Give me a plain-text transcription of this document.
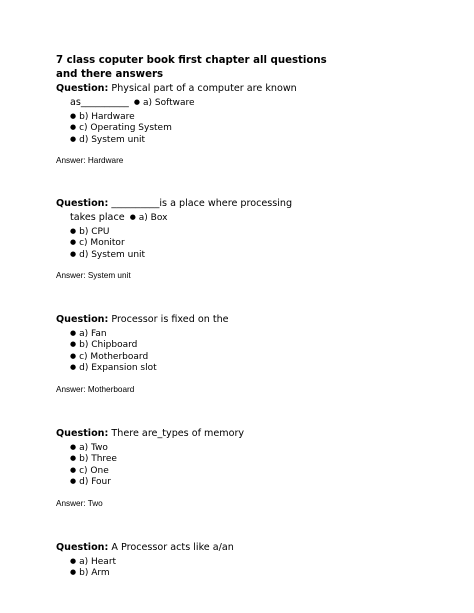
7 class coputer book first chapter all questions
and there answers
Question: Physical part of a computer are known
as__________ ● a) Software
● b) Hardware
● c) Operating System
● d) System unit
Answer: Hardware
Question: __________is a place where processing
takes place ● a) Box
● b) CPU
● c) Monitor
● d) System unit
Answer: System unit
Question: Processor is fixed on the
● a) Fan
● b) Chipboard
● c) Motherboard
● d) Expansion slot
Answer: Motherboard
Question: There are_types of memory
● a) Two
● b) Three
● c) One
● d) Four
Answer: Two
Question: A Processor acts like a/an
● a) Heart
● b) Arm
